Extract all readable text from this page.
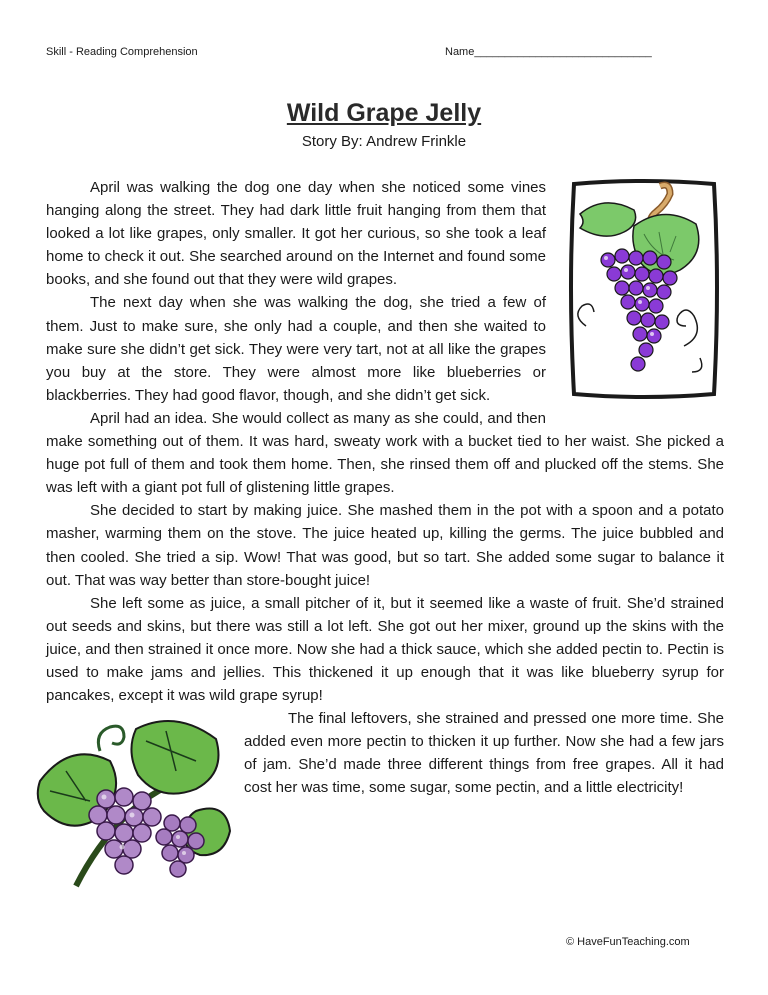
Skill - Reading Comprehension	Name_____________________________
Wild Grape Jelly
Story By: Andrew Frinkle

April was walking the dog one day when she noticed some vines hanging along the street. They had dark little fruit hanging from them that looked a lot like grapes, only smaller. It got her curious, so she took a leaf home to check it out. She searched around on the Internet and found some books, and she found out that they were wild grapes.

The next day when she was walking the dog, she tried a few of them. Just to make sure, she only had a couple, and then she waited to make sure she didn’t get sick. They were very tart, not at all like the grapes you buy at the store. They were almost more like blueberries or blackberries. They had good flavor, though, and she didn’t get sick.

April had an idea. She would collect as many as she could, and then make something out of them. It was hard, sweaty work with a bucket tied to her waist. She picked a huge pot full of them and took them home. Then, she rinsed them off and plucked off the stems. She was left with a giant pot full of glistening little grapes.

She decided to start by making juice. She mashed them in the pot with a spoon and a potato masher, warming them on the stove. The juice heated up, killing the germs. The juice bubbled and then cooled. She tried a sip. Wow! That was good, but so tart. She added some sugar to balance it out. That was way better than store-bought juice!

She left some as juice, a small pitcher of it, but it seemed like a waste of fruit. She’d strained out seeds and skins, but there was still a lot left. She got out her mixer, ground up the skins with the juice, and then strained it once more. Now she had a thick sauce, which she added pectin to. Pectin is used to make jams and jellies. This thickened it up enough that it was like blueberry syrup for pancakes, except it was wild grape syrup!

The final leftovers, she strained and pressed one more time. She added even more pectin to thicken it up further. Now she had a few jars of jam. She’d made three different things from free grapes. All it had cost her was time, some sugar, some pectin, and a little electricity!

© HaveFunTeaching.com
